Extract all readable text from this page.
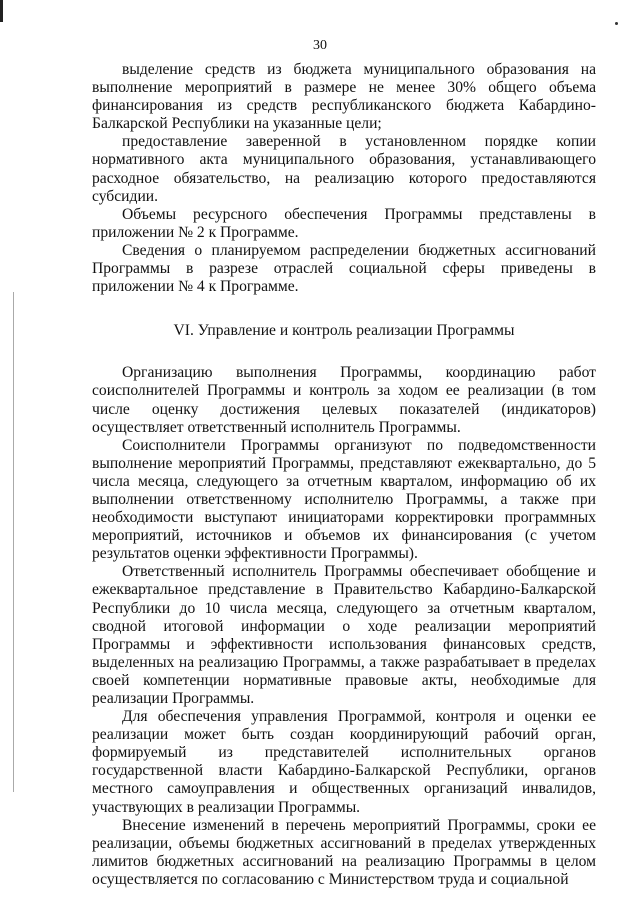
30

выделение средств из бюджета муниципального образования на выполнение мероприятий в размере не менее 30% общего объема финансирования из средств республиканского бюджета Кабардино-Балкарской Республики на указанные цели;

предоставление заверенной в установленном порядке копии нормативного акта муниципального образования, устанавливающего расходное обязательство, на реализацию которого предоставляются субсидии.

Объемы ресурсного обеспечения Программы представлены в приложении № 2 к Программе.

Сведения о планируемом распределении бюджетных ассигнований Программы в разрезе отраслей социальной сферы приведены в приложении № 4 к Программе.

VI. Управление и контроль реализации Программы

Организацию выполнения Программы, координацию работ соисполнителей Программы и контроль за ходом ее реализации (в том числе оценку достижения целевых показателей (индикаторов) осуществляет ответственный исполнитель Программы.

Соисполнители Программы организуют по подведомственности выполнение мероприятий Программы, представляют ежеквартально, до 5 числа месяца, следующего за отчетным кварталом, информацию об их выполнении ответственному исполнителю Программы, а также при необходимости выступают инициаторами корректировки программных мероприятий, источников и объемов их финансирования (с учетом результатов оценки эффективности Программы).

Ответственный исполнитель Программы обеспечивает обобщение и ежеквартальное представление в Правительство Кабардино-Балкарской Республики до 10 числа месяца, следующего за отчетным кварталом, сводной итоговой информации о ходе реализации мероприятий Программы и эффективности использования финансовых средств, выделенных на реализацию Программы, а также разрабатывает в пределах своей компетенции нормативные правовые акты, необходимые для реализации Программы.

Для обеспечения управления Программой, контроля и оценки ее реализации может быть создан координирующий рабочий орган, формируемый из представителей исполнительных органов государственной власти Кабардино-Балкарской Республики, органов местного самоуправления и общественных организаций инвалидов, участвующих в реализации Программы.

Внесение изменений в перечень мероприятий Программы, сроки ее реализации, объемы бюджетных ассигнований в пределах утвержденных лимитов бюджетных ассигнований на реализацию Программы в целом осуществляется по согласованию с Министерством труда и социальной
